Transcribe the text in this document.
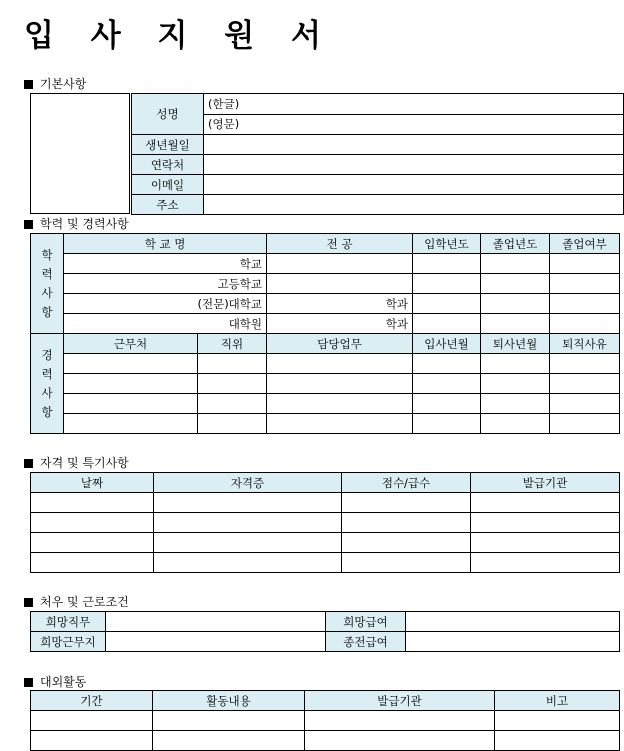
입 사 지 원 서
기본사항
성명	(한글)
	(영문)
생년월일	
연락처	
이메일	
주소	
학력 및 경력사항
학력사항	학 교 명		전 공	입학년도	졸업년도	졸업여부
	학교					
	고등학교					
	(전문)대학교		학과			
	대학원		학과			

경력사항	근무처	직위	담당업무	입사년월	퇴사년월	퇴직사유

자격 및 특기사항
날짜	자격증	점수/급수	발급기관

처우 및 근로조건
희망직무		희망급여	
희망근무지		종전급여	
대외활동
기간	활동내용	발급기관	비고
